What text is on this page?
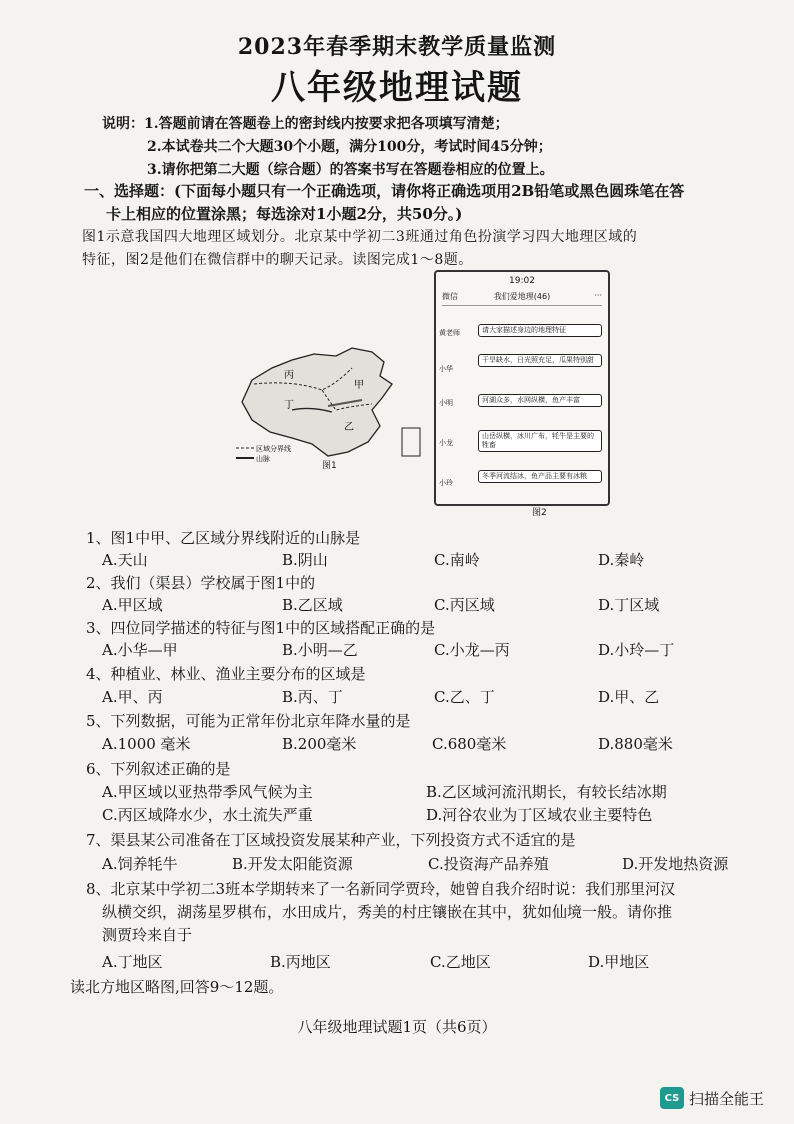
2023年春季期末教学质量监测
八年级地理试题
说明：1.答题前请在答题卷上的密封线内按要求把各项填写清楚；
2.本试卷共二个大题30个小题，满分100分，考试时间45分钟；
3.请你把第二大题（综合题）的答案书写在答题卷相应的位置上。
一、选择题：(下面每小题只有一个正确选项，请你将正确选项用2B铅笔或黑色圆珠笔在答
卡上相应的位置涂黑；每选涂对1小题2分，共50分。)
图1示意我国四大地理区域划分。北京某中学初二3班通过角色扮演学习四大地理区域的
特征，图2是他们在微信群中的聊天记录。读图完成1～8题。
丙
丁
甲
乙
区域分界线
山脉
图1
19:02
微信	我们爱地理(46)	···
黄老师	请大家描述身边的地理特征
小华
干旱缺水，日光照充足，瓜果特别甜
小明	河湖众多，水网纵横，鱼产丰富
小龙
山岳纵横，冰川广布，牦牛是主要的牲畜
小玲
冬季河流结冰，鱼产品主要有冰粮
图2
1、图1中甲、乙区域分界线附近的山脉是
A.天山	B.阴山	C.南岭	D.秦岭
2、我们（渠县）学校属于图1中的
A.甲区域	B.乙区域	C.丙区域	D.丁区域
3、四位同学描述的特征与图1中的区域搭配正确的是
A.小华—甲	B.小明—乙	C.小龙—丙	D.小玲—丁
4、种植业、林业、渔业主要分布的区域是
A.甲、丙	B.丙、丁	C.乙、丁	D.甲、乙
5、下列数据，可能为正常年份北京年降水量的是
A.1000 毫米	B.200毫米	C.680毫米	D.880毫米
6、下列叙述正确的是
A.甲区域以亚热带季风气候为主	B.乙区域河流汛期长，有较长结冰期
C.丙区域降水少，水土流失严重	D.河谷农业为丁区域农业主要特色
7、渠县某公司准备在丁区域投资发展某种产业，下列投资方式不适宜的是
A.饲养牦牛	B.开发太阳能资源	C.投资海产品养殖	D.开发地热资源
8、北京某中学初二3班本学期转来了一名新同学贾玲，她曾自我介绍时说：我们那里河汉
纵横交织，湖荡星罗棋布，水田成片，秀美的村庄镶嵌在其中，犹如仙境一般。请你推
测贾玲来自于
A.丁地区	B.丙地区	C.乙地区	D.甲地区
读北方地区略图,回答9～12题。
八年级地理试题1页（共6页）
CS 扫描全能王
